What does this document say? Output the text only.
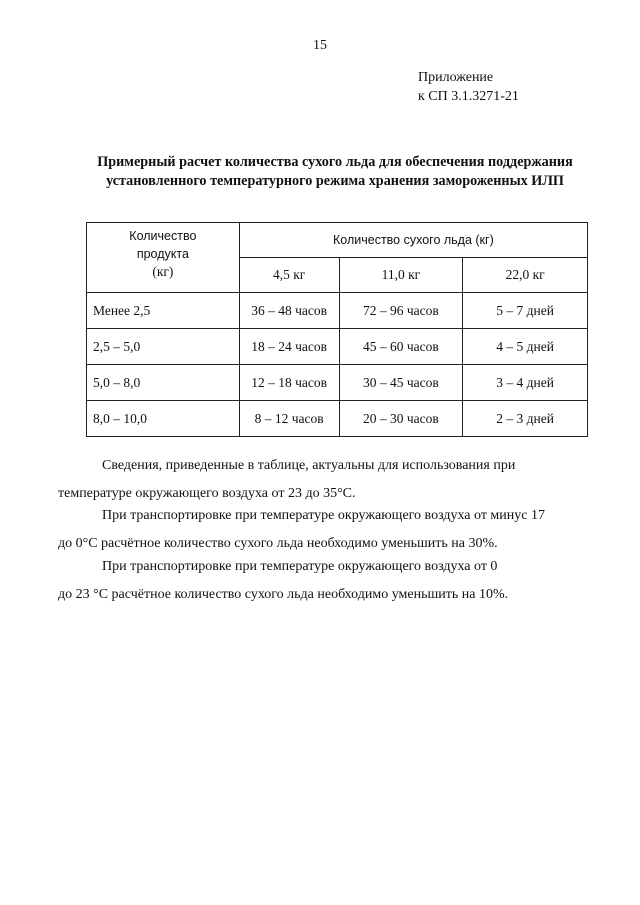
15
Приложение
к СП 3.1.3271-21
Примерный расчет количества сухого льда для обеспечения поддержания
установленного температурного режима хранения замороженных ИЛП
Количество
продукта
(кг)	Количество сухого льда (кг)		
	4,5 кг	11,0 кг	22,0 кг
Менее 2,5	36 – 48 часов	72 – 96 часов	5 – 7 дней
2,5 – 5,0	18 – 24 часов	45 – 60 часов	4 – 5 дней
5,0 – 8,0	12 – 18 часов	30 – 45 часов	3 – 4 дней
8,0 – 10,0	8 – 12 часов	20 – 30 часов	2 – 3 дней
Сведения, приведенные в таблице, актуальны для использования при
температуре окружающего воздуха от 23 до 35°С.
При транспортировке при температуре окружающего воздуха от минус 17
до 0°С расчётное количество сухого льда необходимо уменьшить на 30%.
При транспортировке при температуре окружающего воздуха от 0
до 23 °С расчётное количество сухого льда необходимо уменьшить на 10%.
